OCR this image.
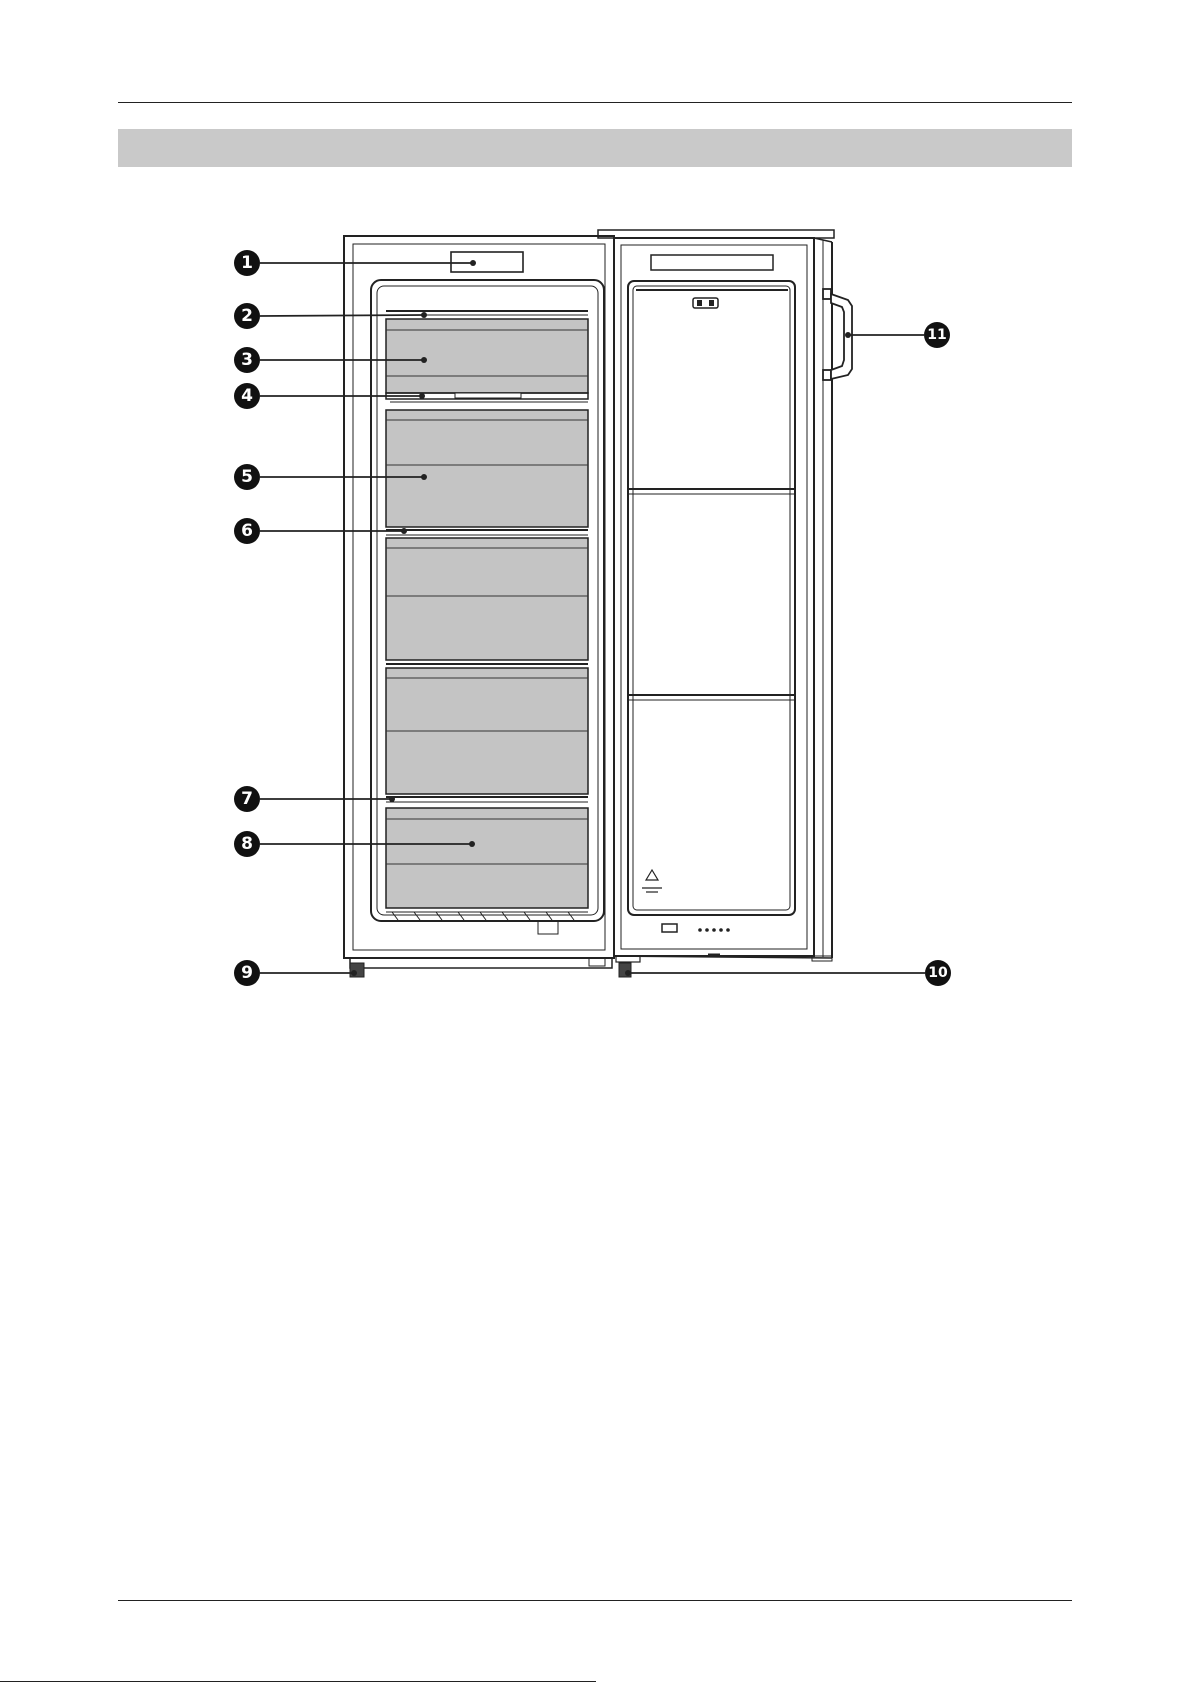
1
2
3
4
5
6
7
8
9	10
11
